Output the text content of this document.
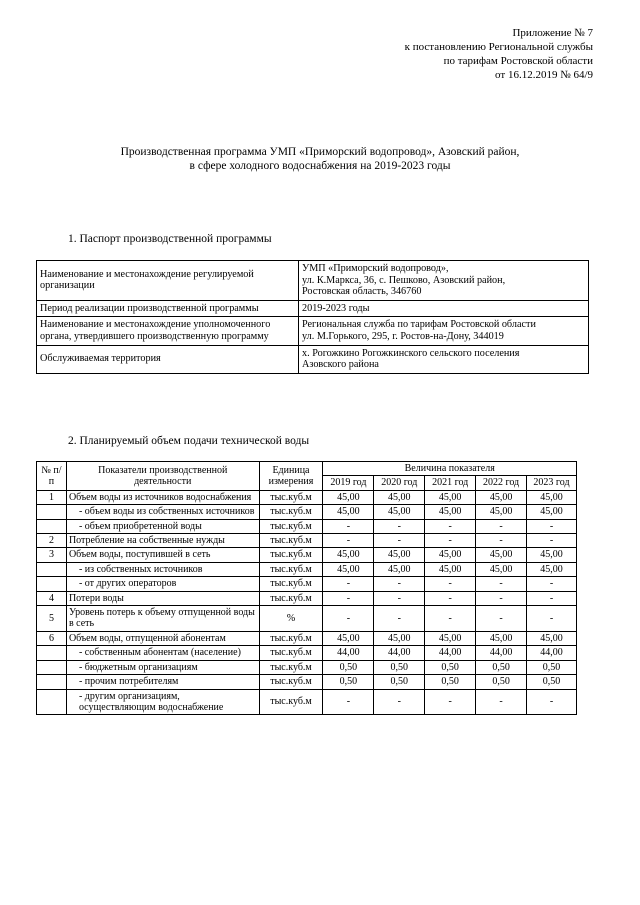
Приложение № 7
к постановлению Региональной службы
по тарифам Ростовской области
от 16.12.2019 № 64/9
Производственная программа УМП «Приморский водопровод», Азовский район,
в сфере холодного водоснабжения на 2019-2023 годы
1. Паспорт производственной программы
Наименование и местонахождение регулируемой организации	УМП «Приморский водопровод»,
ул. К.Маркса, 36, с. Пешково, Азовский район,
Ростовская область, 346760

Период реализации производственной программы	2019-2023 годы

Наименование и местонахождение уполномоченного органа, утвердившего производственную программу	Региональная служба по тарифам Ростовской области
ул. М.Горького, 295, г. Ростов-на-Дону, 344019

Обслуживаемая территория	х. Рогожкино Рогожкинского сельского поселения
Азовского района
2. Планируемый объем подачи технической воды
№ п/п	Показатели производственной деятельности	Единица измерения	Величина показателя				
			2019 год	2020 год	2021 год	2022 год	2023 год
1	Объем воды из источников водоснабжения	тыс.куб.м	45,00	45,00	45,00	45,00	45,00
	- объем воды из собственных источников	тыс.куб.м	45,00	45,00	45,00	45,00	45,00
	- объем приобретенной воды	тыс.куб.м	-	-	-	-	-
2	Потребление на собственные нужды	тыс.куб.м	-	-	-	-	-
3	Объем воды, поступившей в сеть	тыс.куб.м	45,00	45,00	45,00	45,00	45,00
	- из собственных источников	тыс.куб.м	45,00	45,00	45,00	45,00	45,00
	- от других операторов	тыс.куб.м	-	-	-	-	-
4	Потери воды	тыс.куб.м	-	-	-	-	-
5	Уровень потерь к объему отпущенной воды в сеть	%	-	-	-	-	-
6	Объем воды, отпущенной абонентам	тыс.куб.м	45,00	45,00	45,00	45,00	45,00
	- собственным абонентам (население)	тыс.куб.м	44,00	44,00	44,00	44,00	44,00
	- бюджетным организациям	тыс.куб.м	0,50	0,50	0,50	0,50	0,50
	- прочим потребителям	тыс.куб.м	0,50	0,50	0,50	0,50	0,50
	- другим организациям, осуществляющим водоснабжение	тыс.куб.м	-	-	-	-	-
